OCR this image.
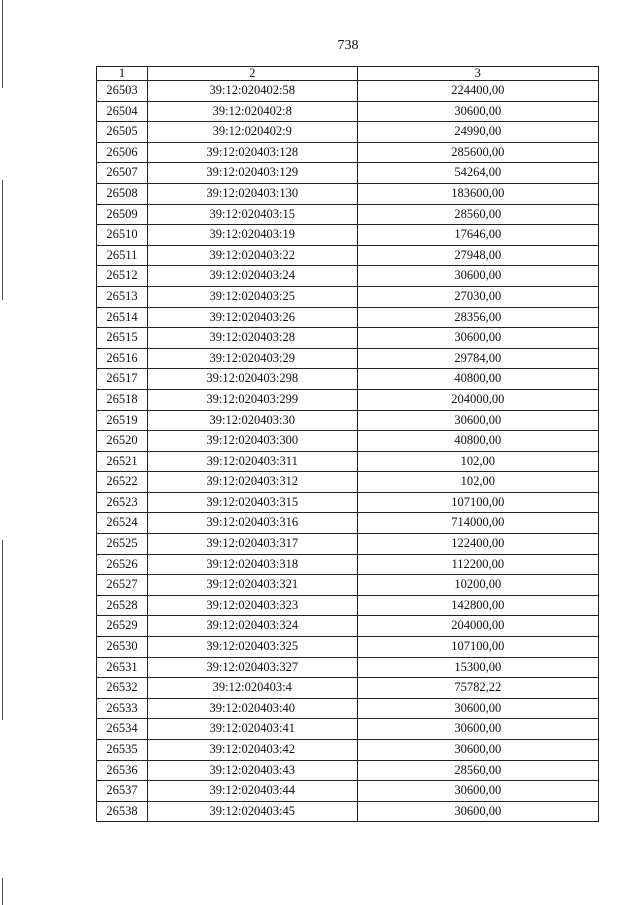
738
1	2	3
26503	39:12:020402:58	224400,00
26504	39:12:020402:8	30600,00
26505	39:12:020402:9	24990,00
26506	39:12:020403:128	285600,00
26507	39:12:020403:129	54264,00
26508	39:12:020403:130	183600,00
26509	39:12:020403:15	28560,00
26510	39:12:020403:19	17646,00
26511	39:12:020403:22	27948,00
26512	39:12:020403:24	30600,00
26513	39:12:020403:25	27030,00
26514	39:12:020403:26	28356,00
26515	39:12:020403:28	30600,00
26516	39:12:020403:29	29784,00
26517	39:12:020403:298	40800,00
26518	39:12:020403:299	204000,00
26519	39:12:020403:30	30600,00
26520	39:12:020403:300	40800,00
26521	39:12:020403:311	102,00
26522	39:12:020403:312	102,00
26523	39:12:020403:315	107100,00
26524	39:12:020403:316	714000,00
26525	39:12:020403:317	122400,00
26526	39:12:020403:318	112200,00
26527	39:12:020403:321	10200,00
26528	39:12:020403:323	142800,00
26529	39:12:020403:324	204000,00
26530	39:12:020403:325	107100,00
26531	39:12:020403:327	15300,00
26532	39:12:020403:4	75782,22
26533	39:12:020403:40	30600,00
26534	39:12:020403:41	30600,00
26535	39:12:020403:42	30600,00
26536	39:12:020403:43	28560,00
26537	39:12:020403:44	30600,00
26538	39:12:020403:45	30600,00
